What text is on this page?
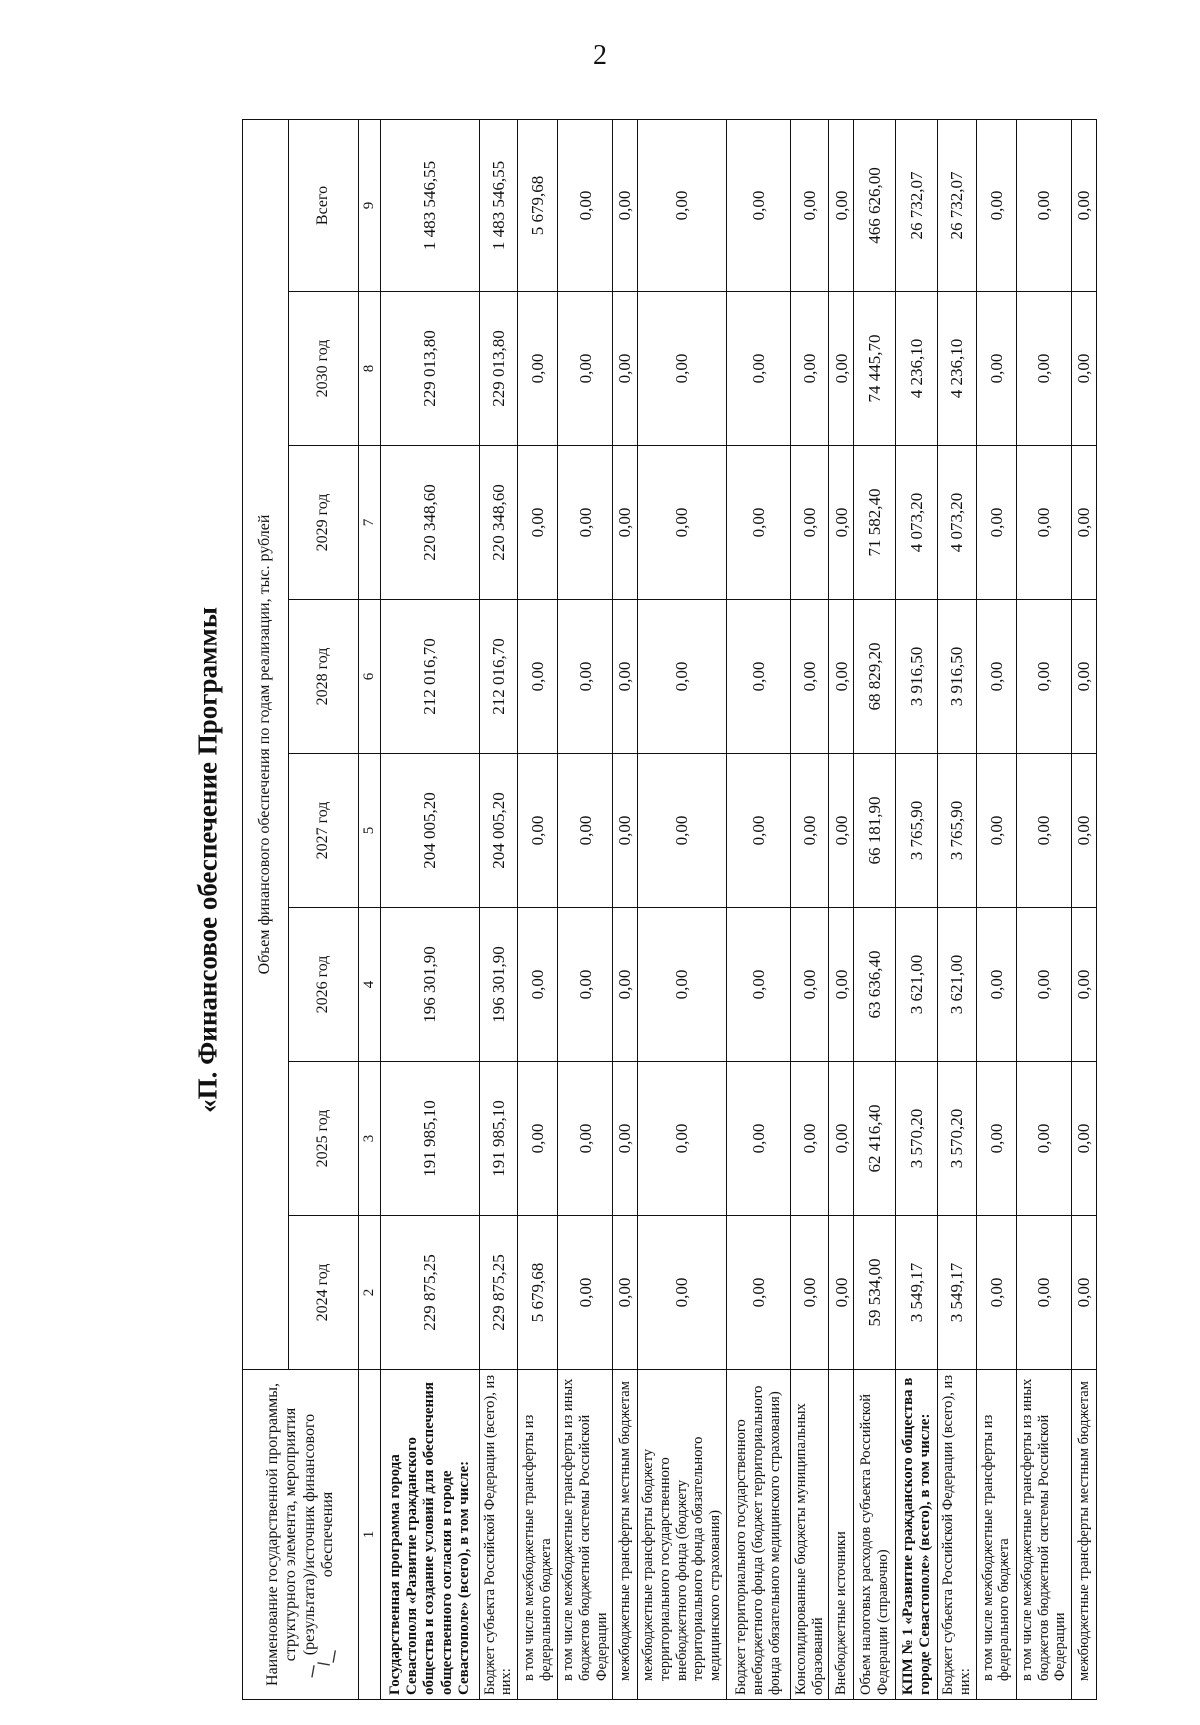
2
«П. Финансовое обеспечение Программы
Наименование государственной программы, структурного элемента, мероприятия (результата)/источник финансового обеспечения	Объем финансового обеспечения по годам реализации, тыс. рублей							
	2024 год	2025 год	2026 год	2027 год	2028 год	2029 год	2030 год	Всего
1	2	3	4	5	6	7	8	9
Государственная программа города Севастополя «Развитие гражданского общества и создание условий для обеспечения общественного согласия в городе Севастополе» (всего), в том числе:	229 875,25	191 985,10	196 301,90	204 005,20	212 016,70	220 348,60	229 013,80	1 483 546,55
Бюджет субъекта Российской Федерации (всего), из них:	229 875,25	191 985,10	196 301,90	204 005,20	212 016,70	220 348,60	229 013,80	1 483 546,55
в том числе межбюджетные трансферты из федерального бюджета	5 679,68	0,00	0,00	0,00	0,00	0,00	0,00	5 679,68
в том числе межбюджетные трансферты из иных бюджетов бюджетной системы Российской Федерации	0,00	0,00	0,00	0,00	0,00	0,00	0,00	0,00
межбюджетные трансферты местным бюджетам	0,00	0,00	0,00	0,00	0,00	0,00	0,00	0,00
межбюджетные трансферты бюджету территориального государственного внебюджетного фонда (бюджету территориального фонда обязательного медицинского страхования)	0,00	0,00	0,00	0,00	0,00	0,00	0,00	0,00
Бюджет территориального государственного внебюджетного фонда (бюджет территориального фонда обязательного медицинского страхования)	0,00	0,00	0,00	0,00	0,00	0,00	0,00	0,00
Консолидированные бюджеты муниципальных образований	0,00	0,00	0,00	0,00	0,00	0,00	0,00	0,00
Внебюджетные источники	0,00	0,00	0,00	0,00	0,00	0,00	0,00	0,00
Объем налоговых расходов субъекта Российской Федерации (справочно)	59 534,00	62 416,40	63 636,40	66 181,90	68 829,20	71 582,40	74 445,70	466 626,00
КПМ № 1 «Развитие гражданского общества в городе Севастополе» (всего), в том числе:	3 549,17	3 570,20	3 621,00	3 765,90	3 916,50	4 073,20	4 236,10	26 732,07
Бюджет субъекта Российской Федерации (всего), из них:	3 549,17	3 570,20	3 621,00	3 765,90	3 916,50	4 073,20	4 236,10	26 732,07
в том числе межбюджетные трансферты из федерального бюджета	0,00	0,00	0,00	0,00	0,00	0,00	0,00	0,00
в том числе межбюджетные трансферты из иных бюджетов бюджетной системы Российской Федерации	0,00	0,00	0,00	0,00	0,00	0,00	0,00	0,00
межбюджетные трансферты местным бюджетам	0,00	0,00	0,00	0,00	0,00	0,00	0,00	0,00
⸝⸜⸝
